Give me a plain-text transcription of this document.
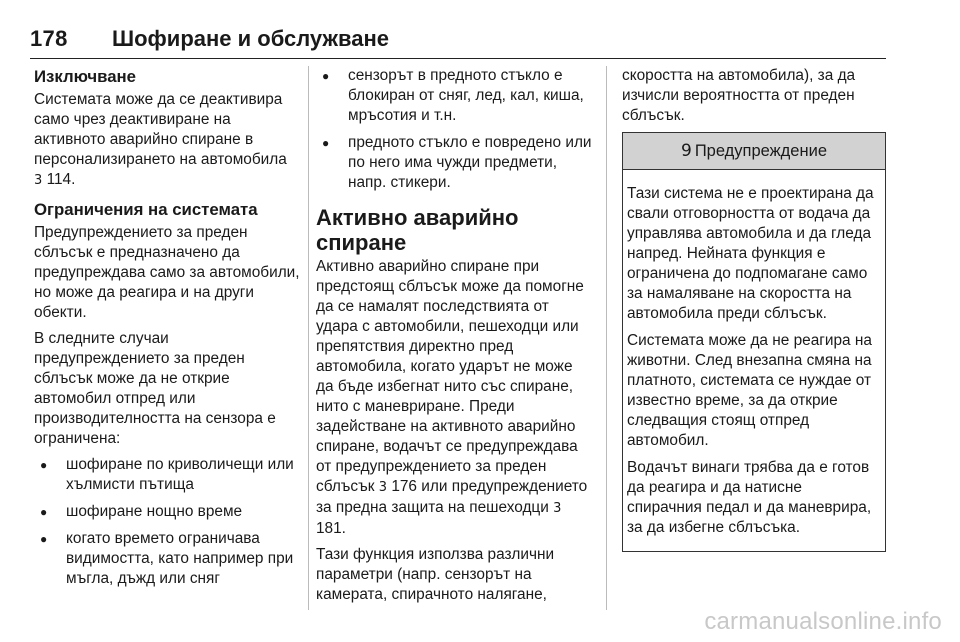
178 Шофиране и обслужване
Изключване

Системата може да се деактивира само чрез деактивиране на активното аварийно спиране в персонализирането на автомобила
3 114.

Ограничения на системата

Предупреждението за преден сблъсък е предназначено да предупреждава само за автомобили, но може да реагира и на други обекти.

В следните случаи предупреждението за преден сблъсък може да не открие автомобил отпред или производителността на сензора е ограничена:

● шофиране по криволичещи или хълмисти пътища
● шофиране нощно време
● когато времето ограничава видимостта, като например при мъгла, дъжд или сняг
● сензорът в предното стъкло е блокиран от сняг, лед, кал, киша, мръсотия и т.н.
● предното стъкло е повредено или по него има чужди предмети, напр. стикери.
Активно аварийно спиране

Активно аварийно спиране при предстоящ сблъсък може да помогне да се намалят последствията от удара с автомобили, пешеходци или препятствия директно пред автомобила, когато ударът не може да бъде избегнат нито със спиране, нито с маневриране. Преди задействане на активното аварийно спиране, водачът се предупреждава от предупреждението за преден сблъсък 3 176 или предупреждението за предна защита на пешеходци 3 181.

Тази функция използва различни параметри (напр. сензорът на камерата, спирачното налягане,

скоростта на автомобила), за да изчисли вероятността от преден сблъсък.

9 Предупреждение

Тази система не е проектирана да свали отговорността от водача да управлява автомобила и да гледа напред. Нейната функция е ограничена до подпомагане само за намаляване на скоростта на автомобила преди сблъсък.

Системата може да не реагира на животни. След внезапна смяна на платното, системата се нуждае от известно време, за да открие следващия стоящ отпред автомобил.

Водачът винаги трябва да е готов да реагира и да натисне спирачния педал и да маневрира, за да избегне сблъсъка.

carmanualsonline.info
